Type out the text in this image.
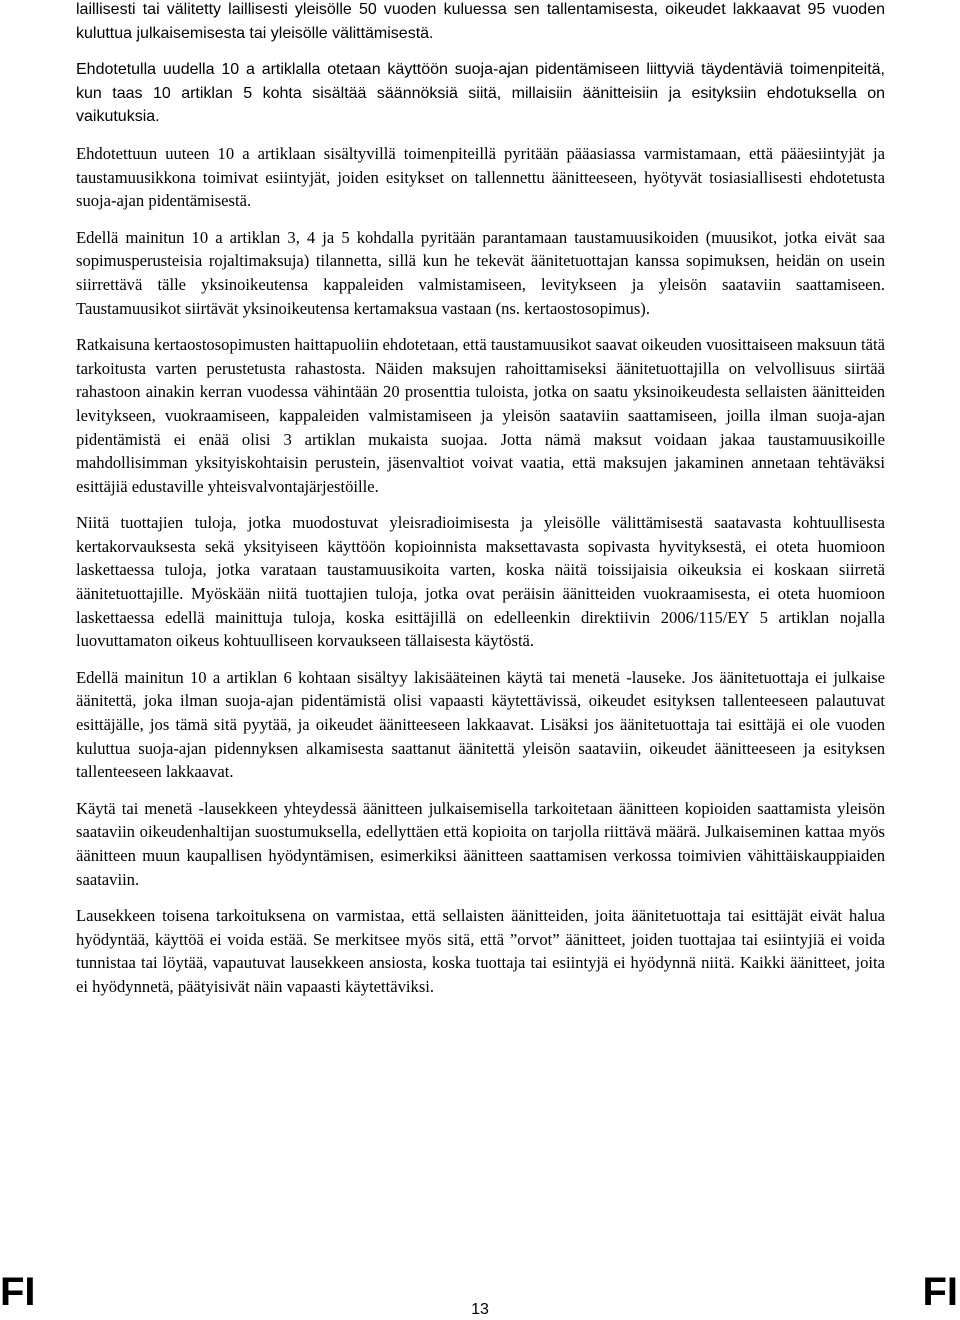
laillisesti tai välitetty laillisesti yleisölle 50 vuoden kuluessa sen tallentamisesta, oikeudet lakkaavat 95 vuoden kuluttua julkaisemisesta tai yleisölle välittämisestä.

Ehdotetulla uudella 10 a artiklalla otetaan käyttöön suoja-ajan pidentämiseen liittyviä täydentäviä toimenpiteitä, kun taas 10 artiklan 5 kohta sisältää säännöksiä siitä, millaisiin äänitteisiin ja esityksiin ehdotuksella on vaikutuksia.

Ehdotettuun uuteen 10 a artiklaan sisältyvillä toimenpiteillä pyritään pääasiassa varmistamaan, että pääesiintyjät ja taustamuusikkona toimivat esiintyjät, joiden esitykset on tallennettu äänitteeseen, hyötyvät tosiasiallisesti ehdotetusta suoja-ajan pidentämisestä.

Edellä mainitun 10 a artiklan 3, 4 ja 5 kohdalla pyritään parantamaan taustamuusikoiden (muusikot, jotka eivät saa sopimusperusteisia rojaltimaksuja) tilannetta, sillä kun he tekevät äänitetuottajan kanssa sopimuksen, heidän on usein siirrettävä tälle yksinoikeutensa kappaleiden valmistamiseen, levitykseen ja yleisön saataviin saattamiseen. Taustamuusikot siirtävät yksinoikeutensa kertamaksua vastaan (ns. kertaostosopimus).

Ratkaisuna kertaostosopimusten haittapuoliin ehdotetaan, että taustamuusikot saavat oikeuden vuosittaiseen maksuun tätä tarkoitusta varten perustetusta rahastosta. Näiden maksujen rahoittamiseksi äänitetuottajilla on velvollisuus siirtää rahastoon ainakin kerran vuodessa vähintään 20 prosenttia tuloista, jotka on saatu yksinoikeudesta sellaisten äänitteiden levitykseen, vuokraamiseen, kappaleiden valmistamiseen ja yleisön saataviin saattamiseen, joilla ilman suoja-ajan pidentämistä ei enää olisi 3 artiklan mukaista suojaa. Jotta nämä maksut voidaan jakaa taustamuusikoille mahdollisimman yksityiskohtaisin perustein, jäsenvaltiot voivat vaatia, että maksujen jakaminen annetaan tehtäväksi esittäjiä edustaville yhteisvalvontajärjestöille.

Niitä tuottajien tuloja, jotka muodostuvat yleisradioimisesta ja yleisölle välittämisestä saatavasta kohtuullisesta kertakorvauksesta sekä yksityiseen käyttöön kopioinnista maksettavasta sopivasta hyvityksestä, ei oteta huomioon laskettaessa tuloja, jotka varataan taustamuusikoita varten, koska näitä toissijaisia oikeuksia ei koskaan siirretä äänitetuottajille. Myöskään niitä tuottajien tuloja, jotka ovat peräisin äänitteiden vuokraamisesta, ei oteta huomioon laskettaessa edellä mainittuja tuloja, koska esittäjillä on edelleenkin direktiivin 2006/115/EY 5 artiklan nojalla luovuttamaton oikeus kohtuulliseen korvaukseen tällaisesta käytöstä.

Edellä mainitun 10 a artiklan 6 kohtaan sisältyy lakisääteinen käytä tai menetä -lauseke. Jos äänitetuottaja ei julkaise äänitettä, joka ilman suoja-ajan pidentämistä olisi vapaasti käytettävissä, oikeudet esityksen tallenteeseen palautuvat esittäjälle, jos tämä sitä pyytää, ja oikeudet äänitteeseen lakkaavat. Lisäksi jos äänitetuottaja tai esittäjä ei ole vuoden kuluttua suoja-ajan pidennyksen alkamisesta saattanut äänitettä yleisön saataviin, oikeudet äänitteeseen ja esityksen tallenteeseen lakkaavat.

Käytä tai menetä -lausekkeen yhteydessä äänitteen julkaisemisella tarkoitetaan äänitteen kopioiden saattamista yleisön saataviin oikeudenhaltijan suostumuksella, edellyttäen että kopioita on tarjolla riittävä määrä. Julkaiseminen kattaa myös äänitteen muun kaupallisen hyödyntämisen, esimerkiksi äänitteen saattamisen verkossa toimivien vähittäiskauppiaiden saataviin.

Lausekkeen toisena tarkoituksena on varmistaa, että sellaisten äänitteiden, joita äänitetuottaja tai esittäjät eivät halua hyödyntää, käyttöä ei voida estää. Se merkitsee myös sitä, että ”orvot” äänitteet, joiden tuottajaa tai esiintyjiä ei voida tunnistaa tai löytää, vapautuvat lausekkeen ansiosta, koska tuottaja tai esiintyjä ei hyödynnä niitä. Kaikki äänitteet, joita ei hyödynnetä, päätyisivät näin vapaasti käytettäviksi.

FI	13	FI
